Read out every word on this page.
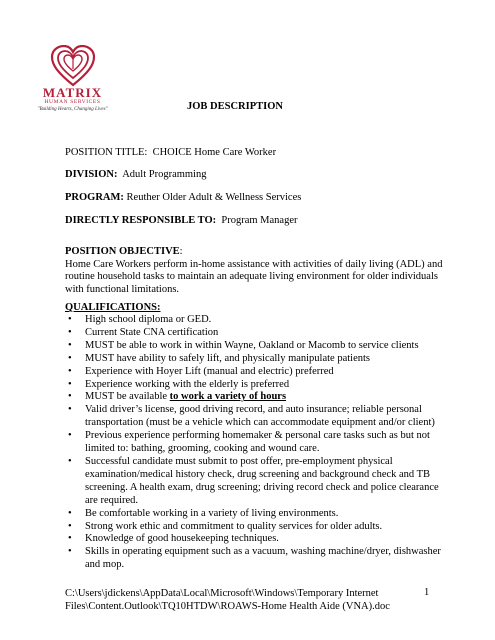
MATRIX
HUMAN SERVICES
"Building Hearts, Changing Lives"	JOB DESCRIPTION
POSITION TITLE: CHOICE Home Care Worker
DIVISION: Adult Programming
PROGRAM: Reuther Older Adult & Wellness Services
DIRECTLY RESPONSIBLE TO: Program Manager
POSITION OBJECTIVE:
Home Care Workers perform in-home assistance with activities of daily living (ADL) and routine household tasks to maintain an adequate living environment for older individuals with functional limitations.
QUALIFICATIONS:
• High school diploma or GED.
• Current State CNA certification
• MUST be able to work in within Wayne, Oakland or Macomb to service clients
• MUST have ability to safely lift, and physically manipulate patients
• Experience with Hoyer Lift (manual and electric) preferred
• Experience working with the elderly is preferred
• MUST be available to work a variety of hours
• Valid driver’s license, good driving record, and auto insurance; reliable personal transportation (must be a vehicle which can accommodate equipment and/or client)
• Previous experience performing homemaker & personal care tasks such as but not limited to: bathing, grooming, cooking and wound care.
• Successful candidate must submit to post offer, pre-employment physical examination/medical history check, drug screening and background check and TB screening. A health exam, drug screening; driving record check and police clearance are required.
• Be comfortable working in a variety of living environments.
• Strong work ethic and commitment to quality services for older adults.
• Knowledge of good housekeeping techniques.
• Skills in operating equipment such as a vacuum, washing machine/dryer, dishwasher and mop.
C:\Users\jdickens\AppData\Local\Microsoft\Windows\Temporary Internet Files\Content.Outlook\TQ10HTDW\ROAWS-Home Health Aide (VNA).doc
1
